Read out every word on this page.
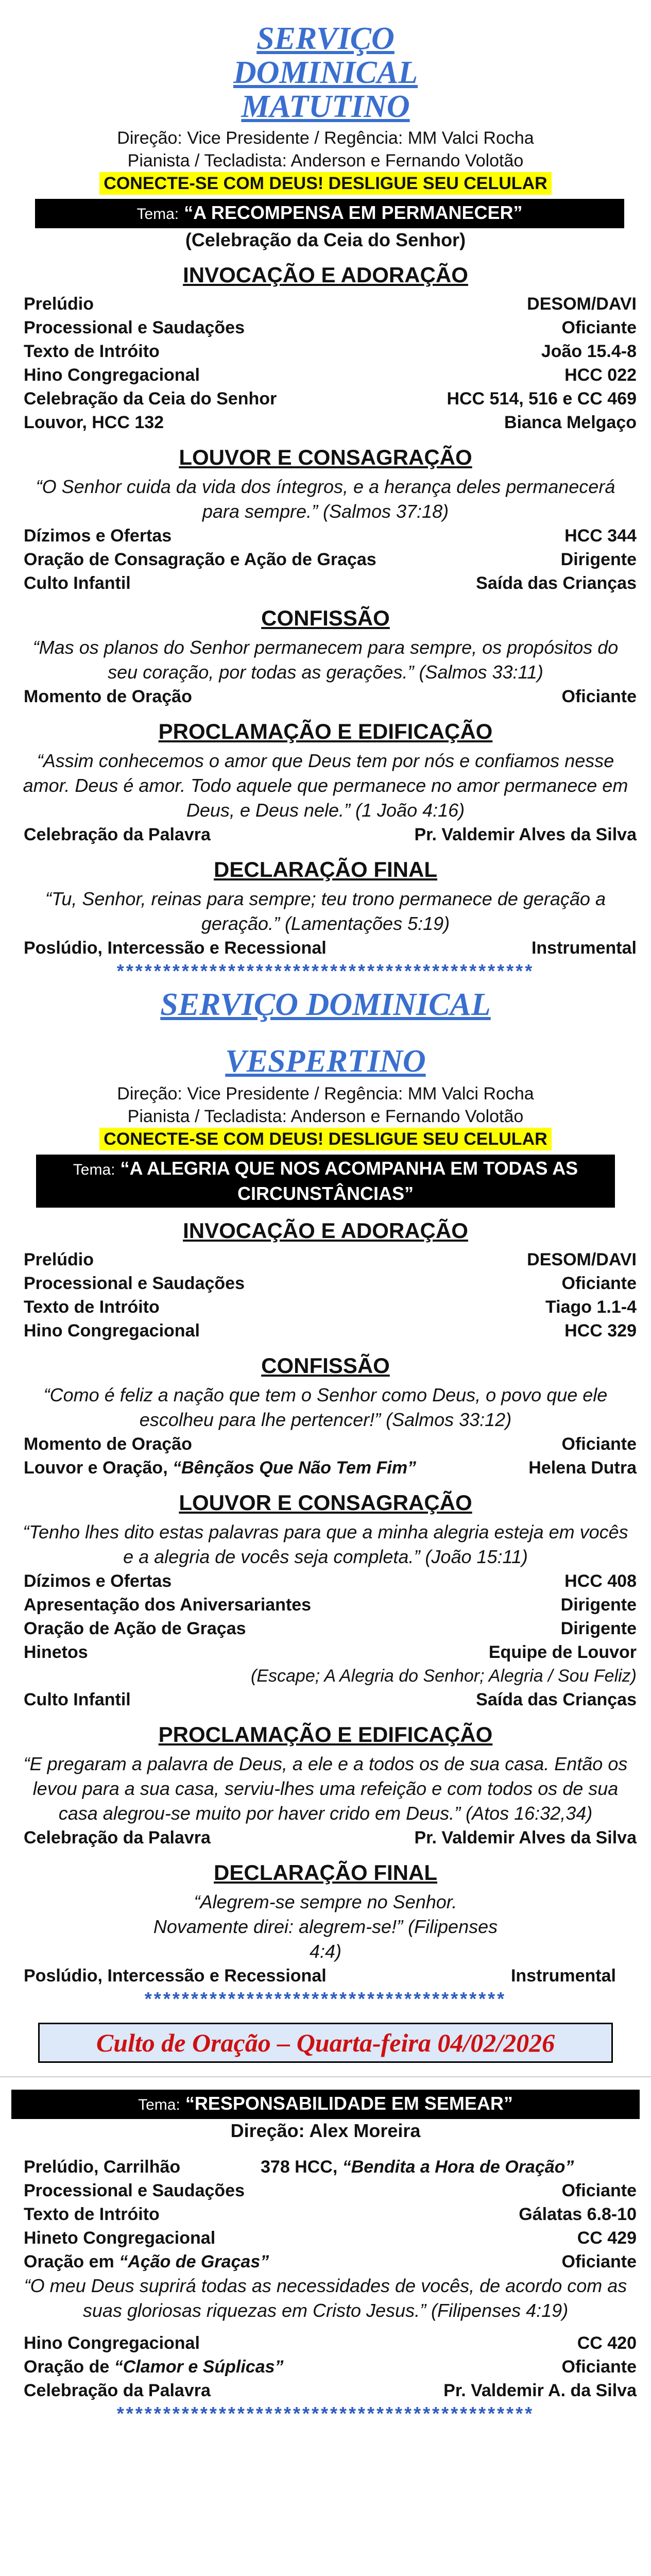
SERVIÇO DOMINICAL MATUTINO

Direção: Vice Presidente / Regência: MM Valci Rocha

Pianista / Tecladista: Anderson e Fernando Volotão

CONECTE-SE COM DEUS! DESLIGUE SEU CELULAR
Tema: “A RECOMPENSA EM PERMANECER”

(Celebração da Ceia do Senhor)

INVOCAÇÃO E ADORAÇÃO
Prelúdio	DESOM/DAVI
Processional e Saudações	Oficiante
Texto de Intróito	João 15.4-8
Hino Congregacional	HCC 022
Celebração da Ceia do Senhor	HCC 514, 516 e CC 469
Louvor, HCC 132	Bianca Melgaço
LOUVOR E CONSAGRAÇÃO

“O Senhor cuida da vida dos íntegros, e a herança deles permanecerá para sempre.” (Salmos 37:18)

Dízimos e Ofertas	HCC 344
Oração de Consagração e Ação de Graças	Dirigente
Culto Infantil	Saída das Crianças
CONFISSÃO

“Mas os planos do Senhor permanecem para sempre, os propósitos do seu coração, por todas as gerações.” (Salmos 33:11)

Momento de Oração	Oficiante
PROCLAMAÇÃO E EDIFICAÇÃO

“Assim conhecemos o amor que Deus tem por nós e confiamos nesse amor. Deus é amor. Todo aquele que permanece no amor permanece em Deus, e Deus nele.” (1 João 4:16)

Celebração da Palavra	Pr. Valdemir Alves da Silva
DECLARAÇÃO FINAL

“Tu, Senhor, reinas para sempre; teu trono permanece de geração a geração.” (Lamentações 5:19)

Poslúdio, Intercessão e Recessional	Instrumental
*********************************************
SERVIÇO DOMINICAL
VESPERTINO

Direção: Vice Presidente / Regência: MM Valci Rocha

Pianista / Tecladista: Anderson e Fernando Volotão

CONECTE-SE COM DEUS! DESLIGUE SEU CELULAR
Tema: “A ALEGRIA QUE NOS ACOMPANHA EM TODAS AS CIRCUNSTÂNCIAS”
INVOCAÇÃO E ADORAÇÃO
Prelúdio	DESOM/DAVI
Processional e Saudações	Oficiante
Texto de Intróito	Tiago 1.1-4
Hino Congregacional	HCC 329
CONFISSÃO

“Como é feliz a nação que tem o Senhor como Deus, o povo que ele escolheu para lhe pertencer!” (Salmos 33:12)

Momento de Oração	Oficiante
Louvor e Oração, “Bênçãos Que Não Tem Fim”	Helena Dutra
LOUVOR E CONSAGRAÇÃO

“Tenho lhes dito estas palavras para que a minha alegria esteja em vocês e a alegria de vocês seja completa.” (João 15:11)

Dízimos e Ofertas	HCC 408
Apresentação dos Aniversariantes	Dirigente
Oração de Ação de Graças	Dirigente
Hinetos	Equipe de Louvor
(Escape; A Alegria do Senhor; Alegria / Sou Feliz)
Culto Infantil	Saída das Crianças
PROCLAMAÇÃO E EDIFICAÇÃO

“E pregaram a palavra de Deus, a ele e a todos os de sua casa. Então os levou para a sua casa, serviu-lhes uma refeição e com todos os de sua casa alegrou-se muito por haver crido em Deus.” (Atos 16:32,34)

Celebração da Palavra	Pr. Valdemir Alves da Silva
DECLARAÇÃO FINAL

“Alegrem-se sempre no Senhor. Novamente direi: alegrem-se!” (Filipenses 4:4)

Poslúdio, Intercessão e Recessional	Instrumental
***************************************
Culto de Oração – Quarta-feira 04/02/2026
Tema: “RESPONSABILIDADE EM SEMEAR”

Direção: Alex Moreira

Prelúdio, Carrilhão	378 HCC, “Bendita a Hora de Oração”
Processional e Saudações	Oficiante
Texto de Intróito	Gálatas 6.8-10
Hineto Congregacional	CC 429
Oração em “Ação de Graças”	Oficiante

“O meu Deus suprirá todas as necessidades de vocês, de acordo com as suas gloriosas riquezas em Cristo Jesus.” (Filipenses 4:19)

Hino Congregacional	CC 420
Oração de “Clamor e Súplicas”	Oficiante
Celebração da Palavra	Pr. Valdemir A. da Silva
*********************************************
